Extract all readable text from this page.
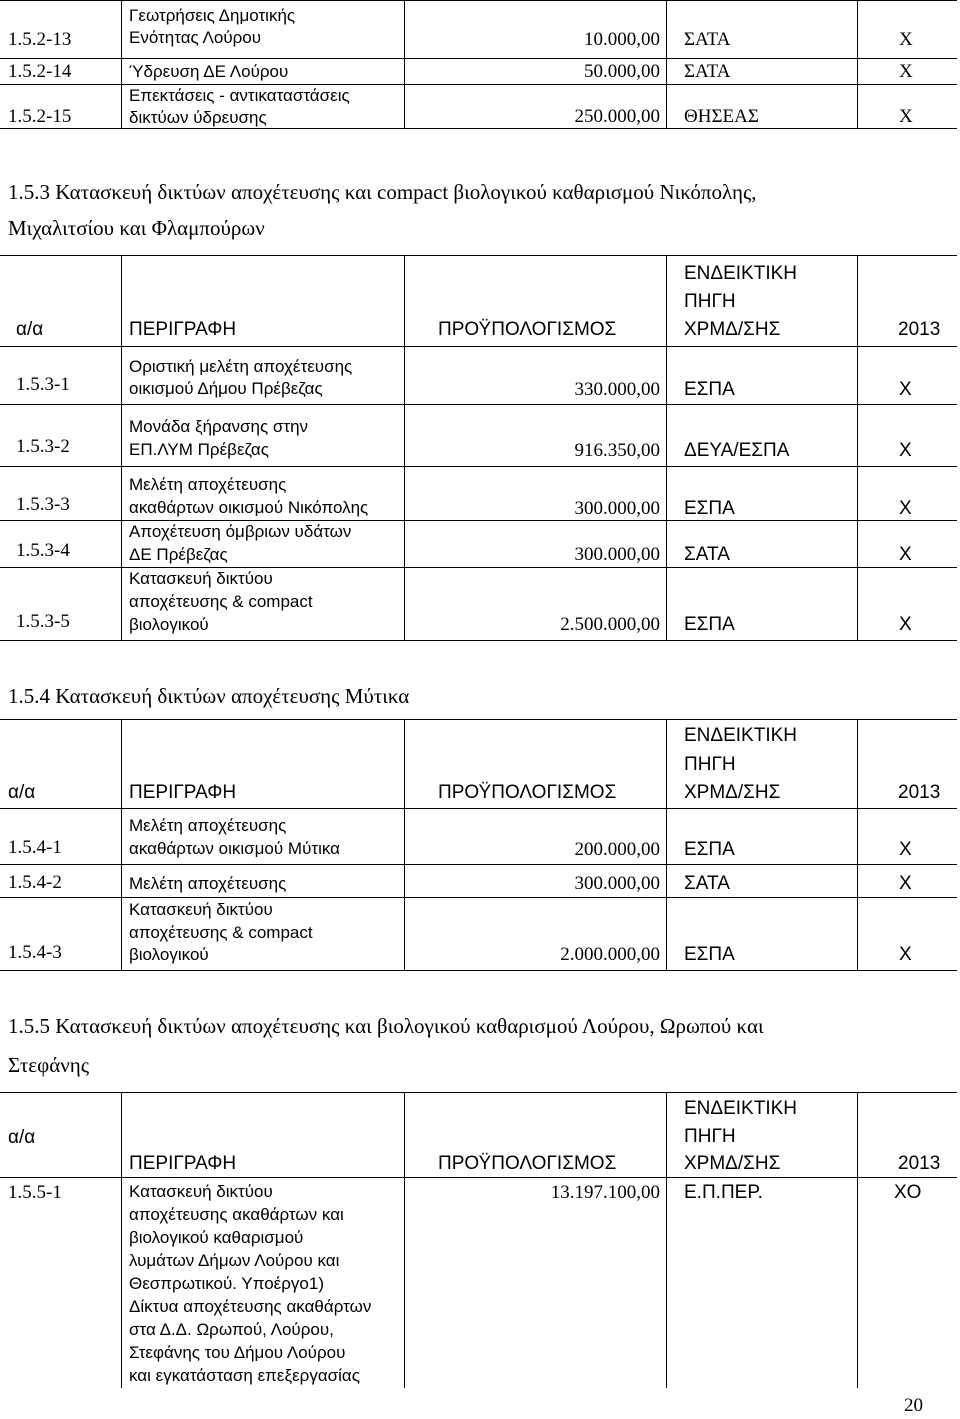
1.5.2-13
Γεωτρήσεις Δημοτικής
Ενότητας Λούρου	10.000,00 ΣΑΤΑ	Χ
1.5.2-14	Ύδρευση ΔΕ Λούρου	50.000,00 ΣΑΤΑ	Χ
1.5.2-15
Επεκτάσεις - αντικαταστάσεις
δικτύων ύδρευσης	250.000,00 ΘΗΣΕΑΣ	Χ
1.5.3 Κατασκευή δικτύων αποχέτευσης και compact βιολογικού καθαρισμού Νικόπολης,
Μιχαλιτσίου και Φλαμπούρων
α/α	ΠΕΡΙΓΡΑΦΗ	ΠΡΟΫΠΟΛΟΓΙΣΜΟΣ
ΕΝΔΕΙΚΤΙΚΗ
ΠΗΓΗ
ΧΡΜΔ/ΣΗΣ	2013
1.5.3-1
Οριστική μελέτη αποχέτευσης
οικισμού Δήμου Πρέβεζας	330.000,00 ΕΣΠΑ	Χ
1.5.3-2
Μονάδα ξήρανσης στην
ΕΠ.ΛΥΜ Πρέβεζας	916.350,00 ΔΕΥΑ/ΕΣΠΑ	Χ
1.5.3-3
Μελέτη αποχέτευσης
ακαθάρτων οικισμού Νικόπολης	300.000,00 ΕΣΠΑ	Χ
1.5.3-4
Αποχέτευση όμβριων υδάτων
ΔΕ Πρέβεζας	300.000,00 ΣΑΤΑ	Χ
1.5.3-5
Κατασκευή δικτύου
αποχέτευσης & compact
βιολογικού	2.500.000,00 ΕΣΠΑ	Χ
1.5.4 Κατασκευή δικτύων αποχέτευσης Μύτικα
α/α	ΠΕΡΙΓΡΑΦΗ	ΠΡΟΫΠΟΛΟΓΙΣΜΟΣ
ΕΝΔΕΙΚΤΙΚΗ
ΠΗΓΗ
ΧΡΜΔ/ΣΗΣ	2013
1.5.4-1
Μελέτη αποχέτευσης
ακαθάρτων οικισμού Μύτικα	200.000,00 ΕΣΠΑ	Χ
1.5.4-2	Μελέτη αποχέτευσης	300.000,00 ΣΑΤΑ	Χ
1.5.4-3
Κατασκευή δικτύου
αποχέτευσης & compact
βιολογικού	2.000.000,00 ΕΣΠΑ	Χ
1.5.5 Κατασκευή δικτύων αποχέτευσης και βιολογικού καθαρισμού Λούρου, Ωρωπού και
Στεφάνης
α/α
ΠΕΡΙΓΡΑΦΗ	ΠΡΟΫΠΟΛΟΓΙΣΜΟΣ
ΕΝΔΕΙΚΤΙΚΗ
ΠΗΓΗ
ΧΡΜΔ/ΣΗΣ	2013
1.5.5-1	Κατασκευή δικτύου
αποχέτευσης ακαθάρτων και
βιολογικού καθαρισμού
λυμάτων Δήμων Λούρου και
Θεσπρωτικού. Υποέργο1)
Δίκτυα αποχέτευσης ακαθάρτων
στα Δ.Δ. Ωρωπού, Λούρου,
Στεφάνης του Δήμου Λούρου
και εγκατάσταση επεξεργασίας
13.197.100,00 Ε.Π.ΠΕΡ.	ΧΟ
20
